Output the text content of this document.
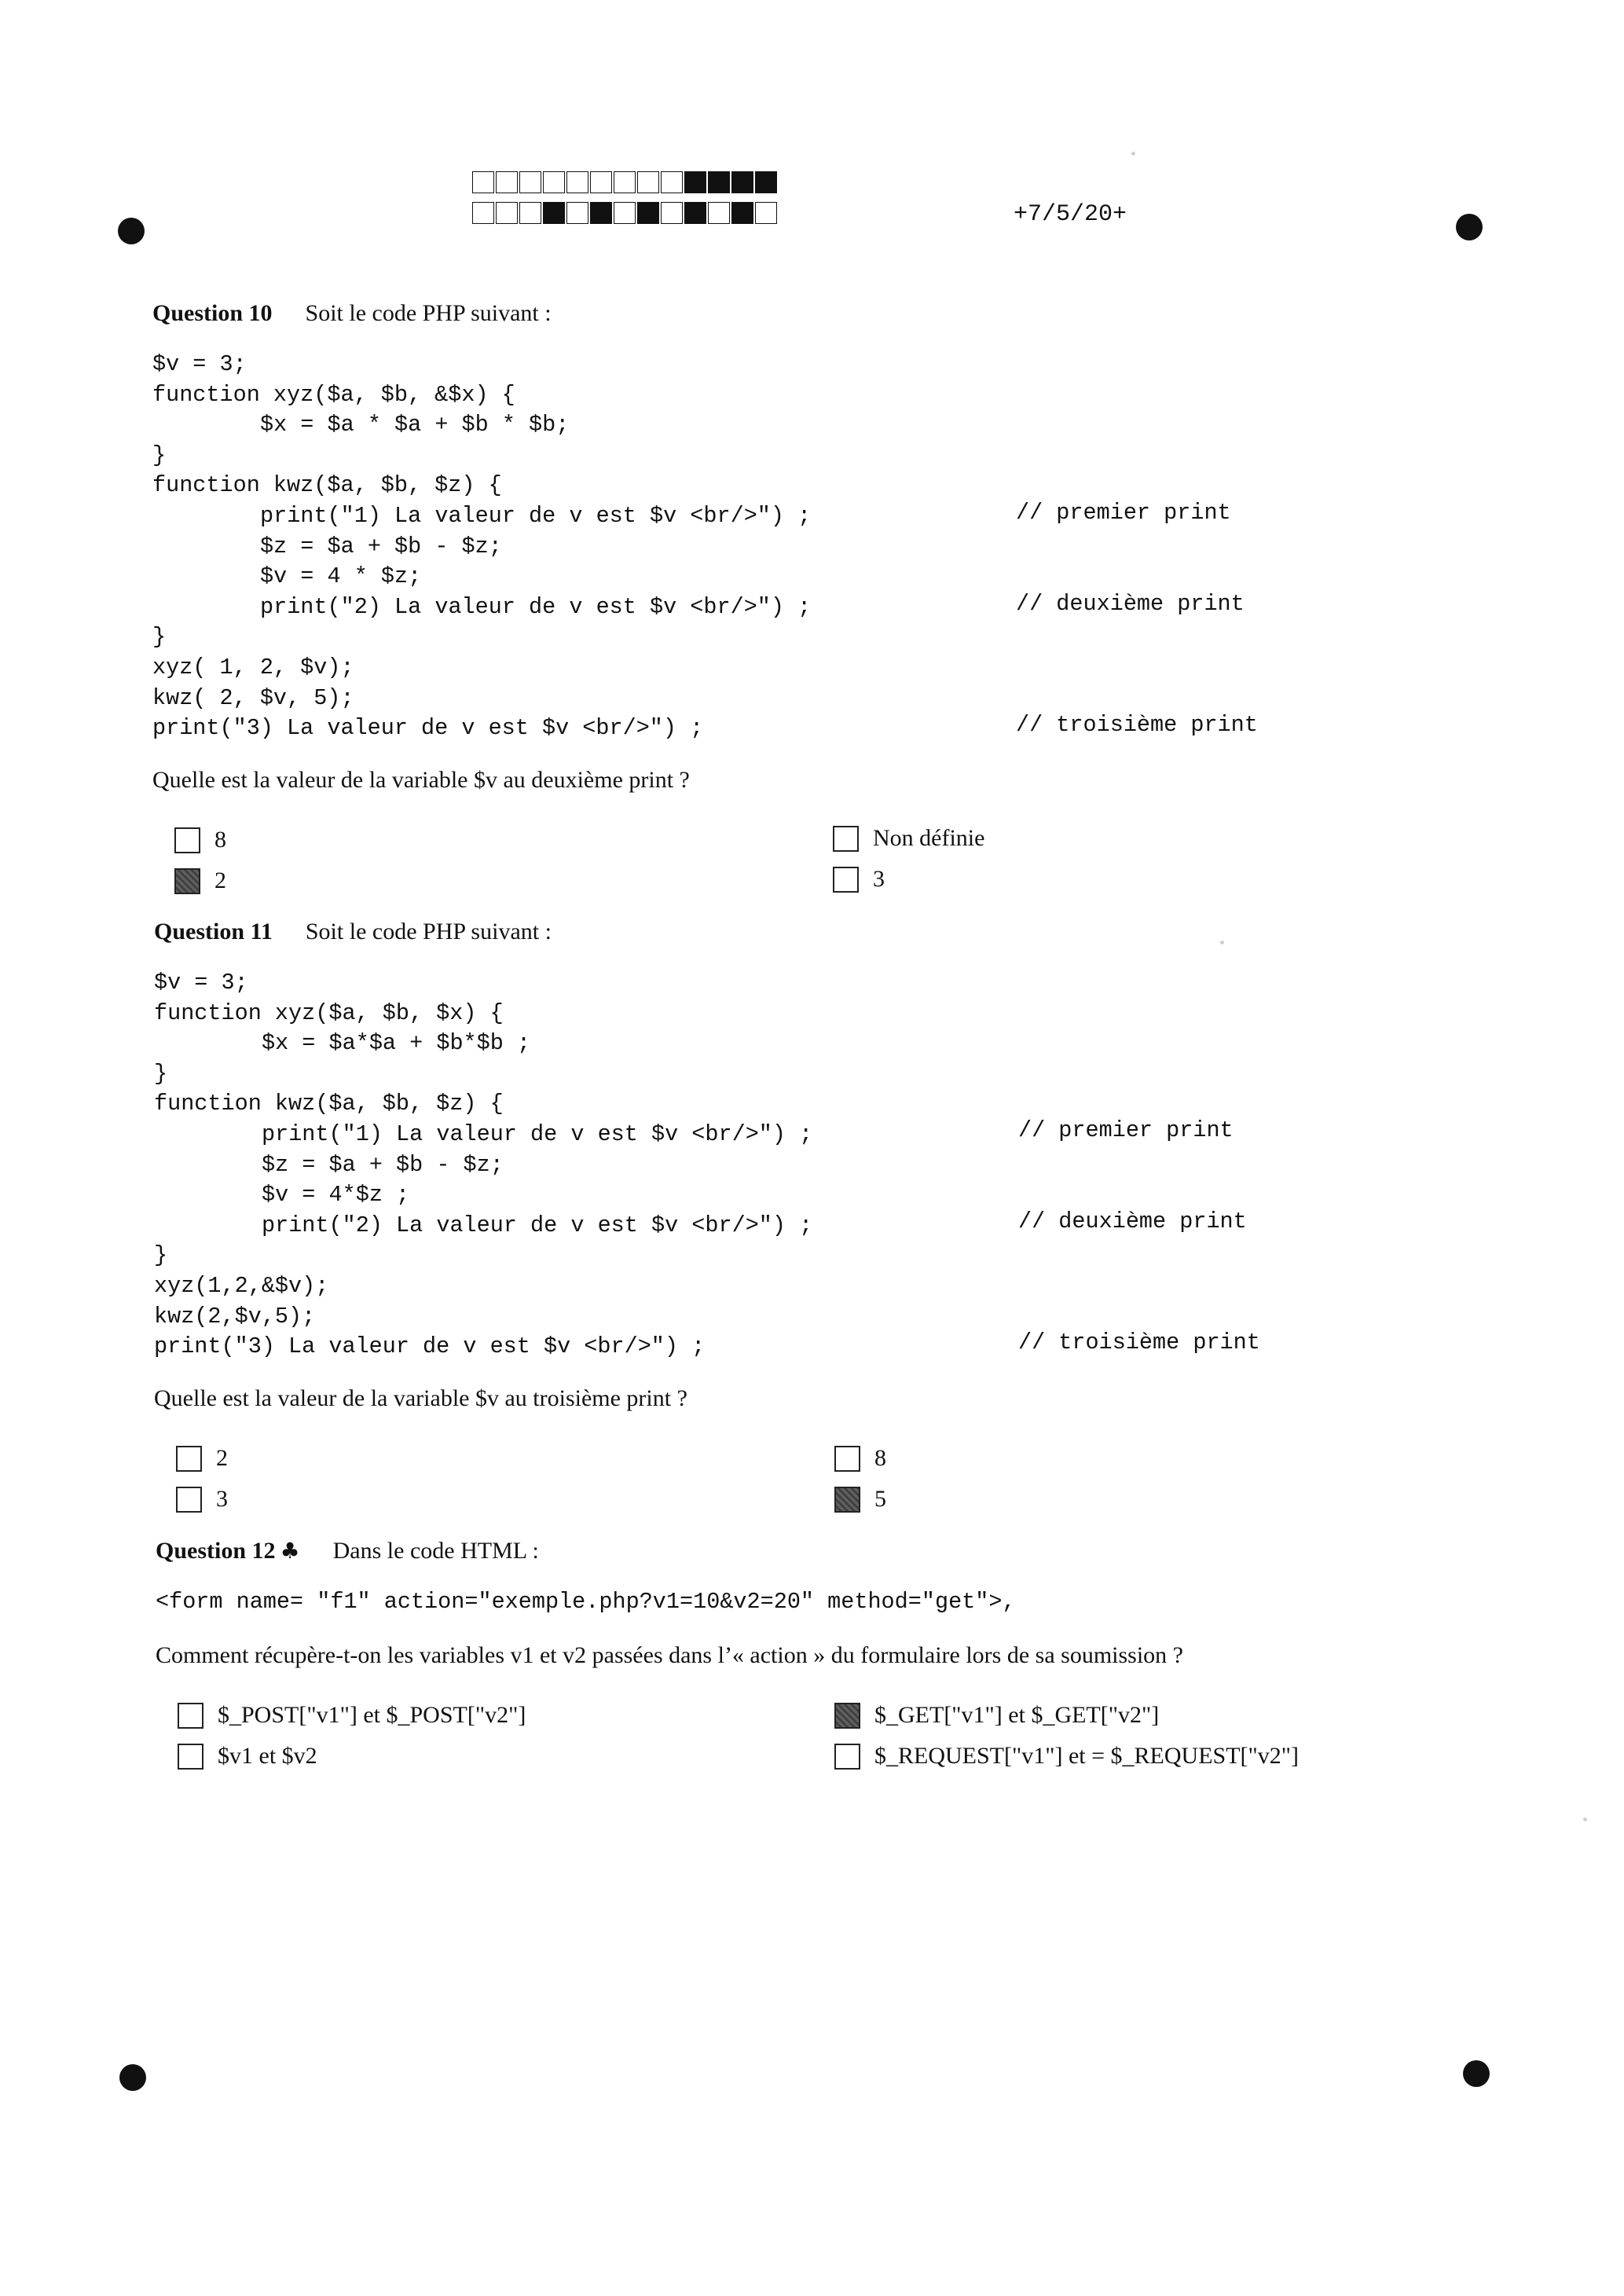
+7/5/20+
Question 10 Soit le code PHP suivant :
$v = 3;
function xyz($a, $b, &$x) {
$x = $a * $a + $b * $b;
}
function kwz($a, $b, $z) {
print("1) La valeur de v est $v <br/>") ;
$z = $a + $b - $z;
$v = 4 * $z;
print("2) La valeur de v est $v <br/>") ;
}
xyz( 1, 2, $v);
kwz( 2, $v, 5);
print("3) La valeur de v est $v <br/>") ;
// premier print
// deuxième print
// troisième print
Quelle est la valeur de la variable $v au deuxième print ?
8
2
Non définie
3
Question 11 Soit le code PHP suivant :
$v = 3;
function xyz($a, $b, $x) {
$x = $a*$a + $b*$b ;
}
function kwz($a, $b, $z) {
print("1) La valeur de v est $v <br/>") ;
$z = $a + $b - $z;
$v = 4*$z ;
print("2) La valeur de v est $v <br/>") ;
}
xyz(1,2,&$v);
kwz(2,$v,5);
print("3) La valeur de v est $v <br/>") ;
// premier print
// deuxième print
// troisième print
Quelle est la valeur de la variable $v au troisième print ?
2
3
8
5
Question 12 ♣ Dans le code HTML :
<form name= "f1" action="exemple.php?v1=10&v2=20" method="get">,
Comment récupère-t-on les variables v1 et v2 passées dans l’« action » du formulaire lors de sa soumission ?
$_POST["v1"] et $_POST["v2"]
$v1 et $v2
$_GET["v1"] et $_GET["v2"]
$_REQUEST["v1"] et = $_REQUEST["v2"]
